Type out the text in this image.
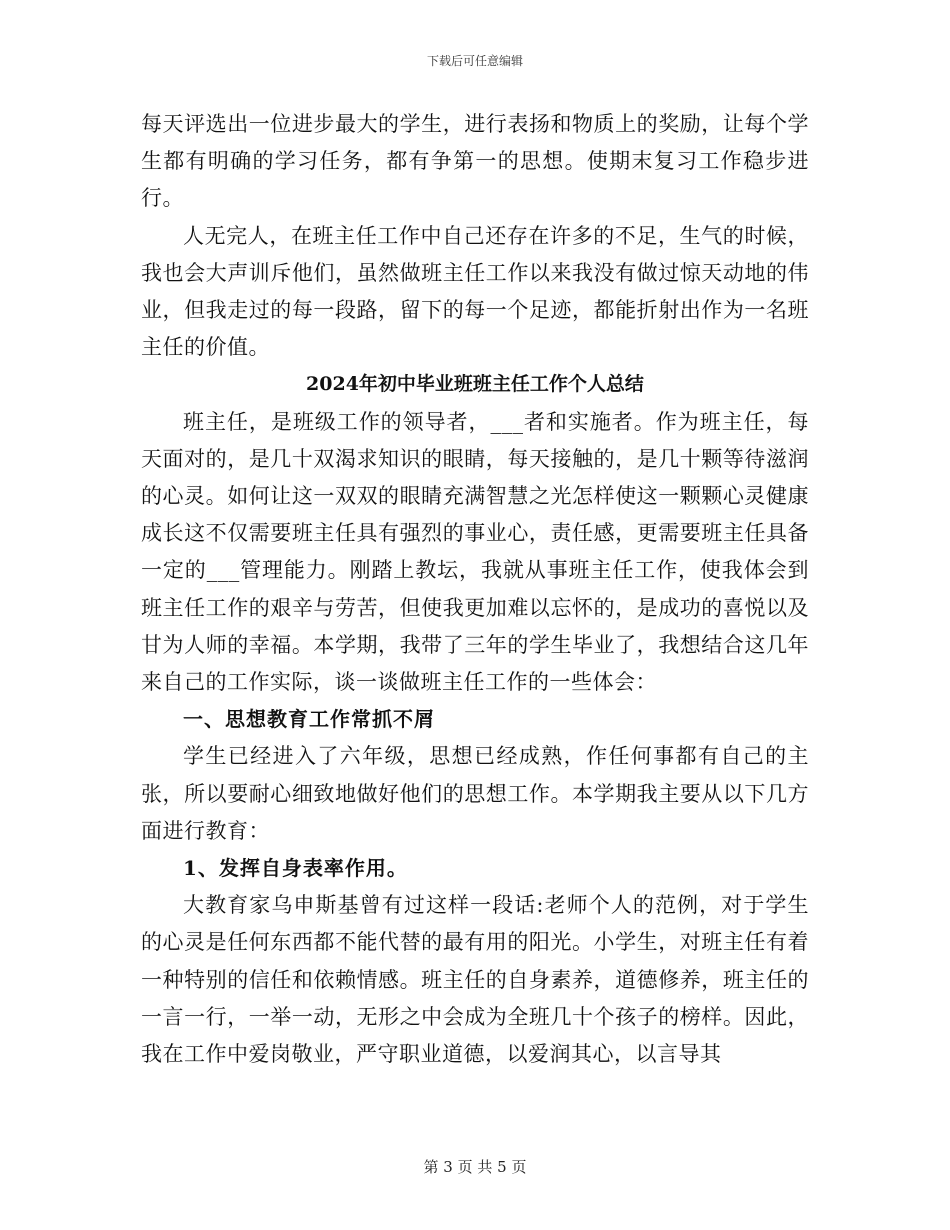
下载后可任意编辑

每天评选出一位进步最大的学生，进行表扬和物质上的奖励，让每个学生都有明确的学习任务，都有争第一的思想。使期末复习工作稳步进行。

人无完人，在班主任工作中自己还存在许多的不足，生气的时候，我也会大声训斥他们，虽然做班主任工作以来我没有做过惊天动地的伟业，但我走过的每一段路，留下的每一个足迹，都能折射出作为一名班主任的价值。

2024年初中毕业班班主任工作个人总结

班主任，是班级工作的领导者，___者和实施者。作为班主任，每天面对的，是几十双渴求知识的眼睛，每天接触的，是几十颗等待滋润的心灵。如何让这一双双的眼睛充满智慧之光怎样使这一颗颗心灵健康成长这不仅需要班主任具有强烈的事业心，责任感，更需要班主任具备一定的___管理能力。刚踏上教坛，我就从事班主任工作，使我体会到班主任工作的艰辛与劳苦，但使我更加难以忘怀的，是成功的喜悦以及甘为人师的幸福。本学期，我带了三年的学生毕业了，我想结合这几年来自己的工作实际，谈一谈做班主任工作的一些体会：

一、思想教育工作常抓不屑

学生已经进入了六年级，思想已经成熟，作任何事都有自己的主张，所以要耐心细致地做好他们的思想工作。本学期我主要从以下几方面进行教育：

1、发挥自身表率作用。

大教育家乌申斯基曾有过这样一段话:老师个人的范例，对于学生的心灵是任何东西都不能代替的最有用的阳光。小学生，对班主任有着一种特别的信任和依赖情感。班主任的自身素养，道德修养，班主任的一言一行，一举一动，无形之中会成为全班几十个孩子的榜样。因此，我在工作中爱岗敬业，严守职业道德，以爱润其心，以言导其

第 3 页 共 5 页
